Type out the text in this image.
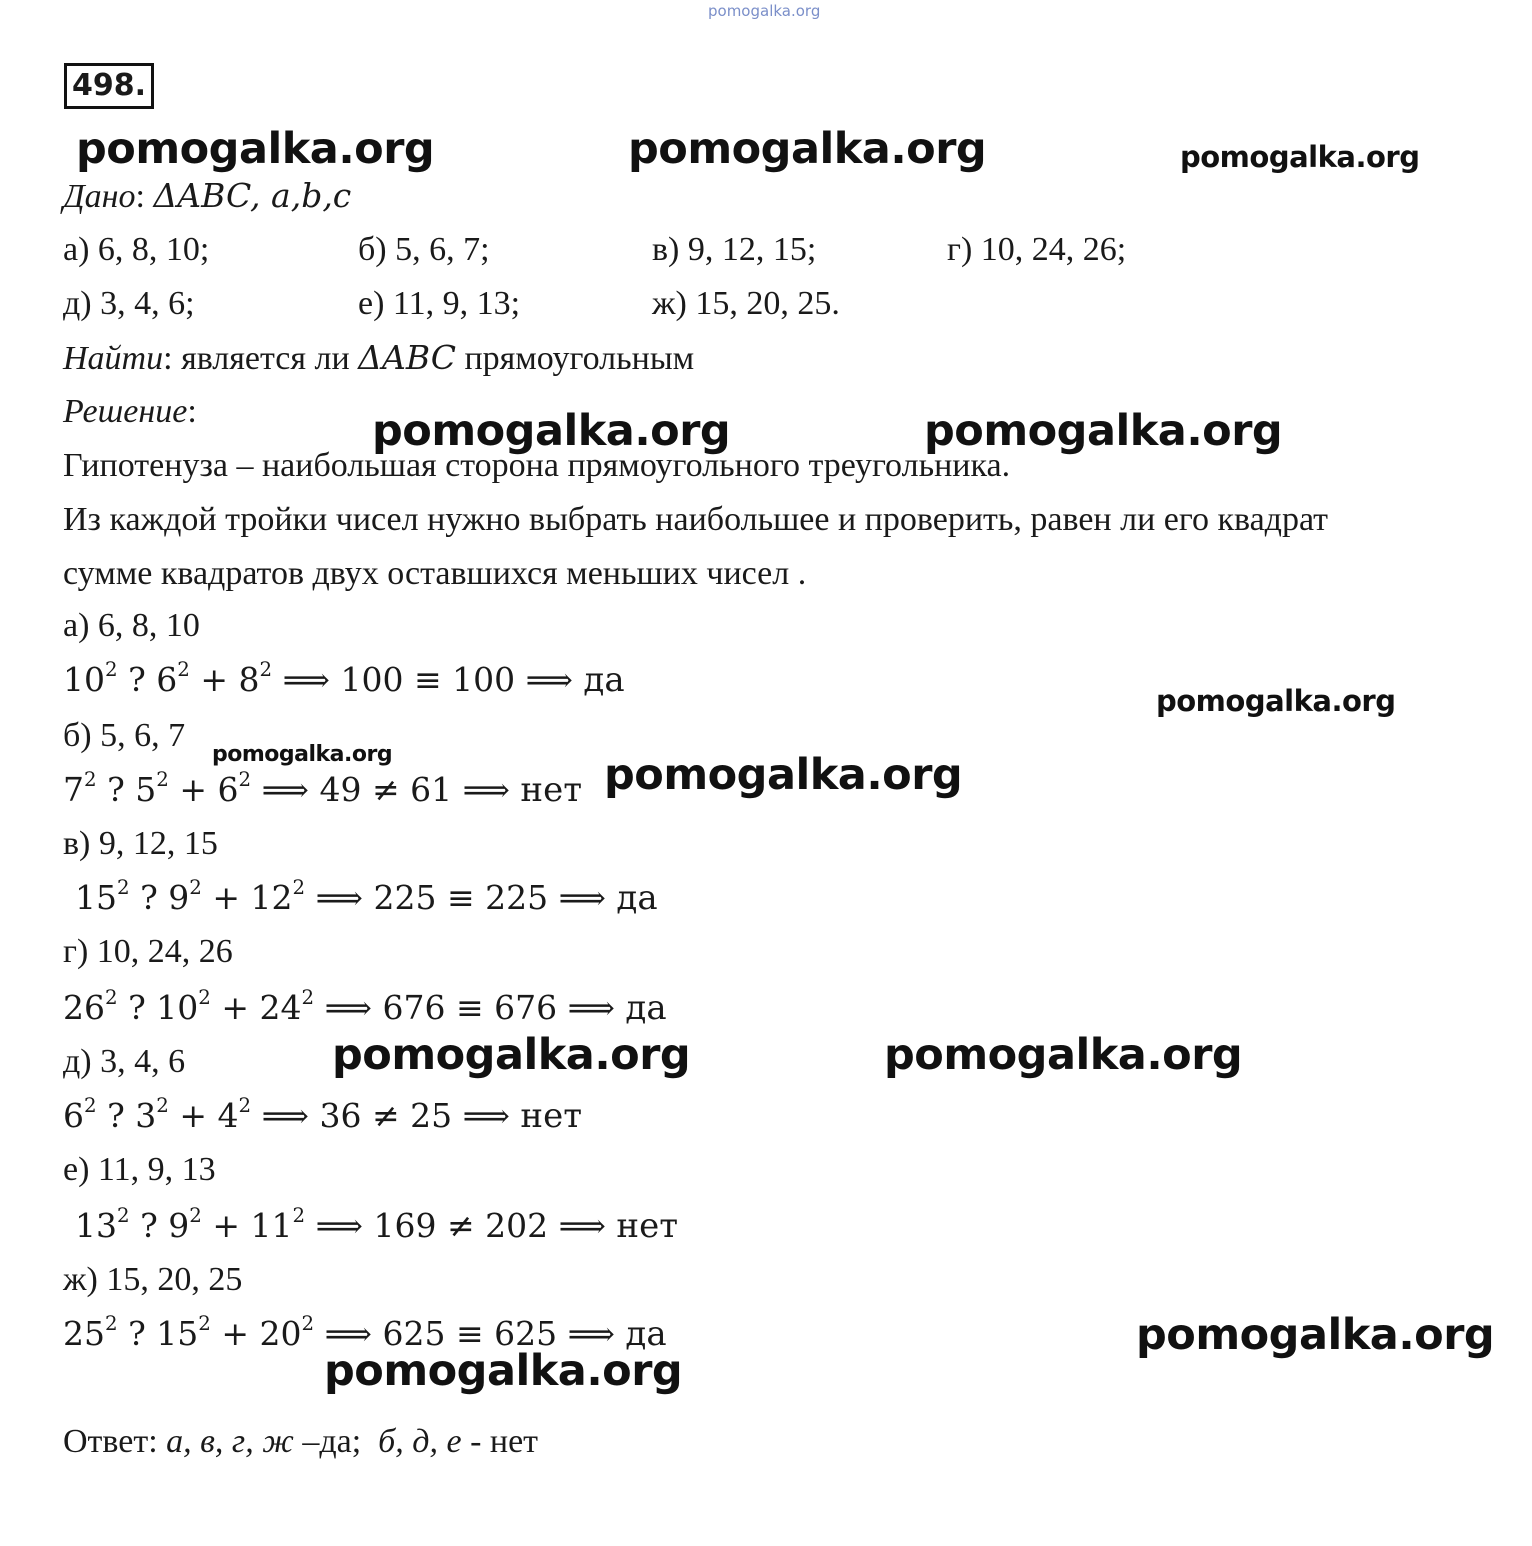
pomogalka.org
498.
pomogalka.org	pomogalka.org	pomogalka.org
Дано: ΔABC, a,b,c
а) 6, 8, 10;	б) 5, 6, 7;	в) 9, 12, 15;	г) 10, 24, 26;
д) 3, 4, 6;	е) 11, 9, 13;	ж) 15, 20, 25.
Найти: является ли ΔABC прямоугольным
Решение:	pomogalka.org	pomogalka.org
Гипотенуза – наибольшая сторона прямоугольного треугольника.
Из каждой тройки чисел нужно выбрать наибольшее и проверить, равен ли его квадрат
сумме квадратов двух оставшихся меньших чисел .
а) 6, 8, 10
$10^2$ ? $6^2 + 8^2$ ⟹ 100 ≡ 100 ⟹ да
pomogalka.org
б) 5, 6, 7
pomogalka.org
$7^2$ ? $5^2 + 6^2$ ⟹ 49 ≠ 61 ⟹ нет pomogalka.org
в) 9, 12, 15
$15^2$ ? $9^2 + 12^2$ ⟹ 225 ≡ 225 ⟹ да
г) 10, 24, 26
$26^2$ ? $10^2 + 24^2$ ⟹ 676 ≡ 676 ⟹ да
д) 3, 4, 6	pomogalka.org	pomogalka.org
$6^2$ ? $3^2 + 4^2$ ⟹ 36 ≠ 25 ⟹ нет
е) 11, 9, 13
$13^2$ ? $9^2 + 11^2$ ⟹ 169 ≠ 202 ⟹ нет
ж) 15, 20, 25
$25^2$ ? $15^2 + 20^2$ ⟹ 625 ≡ 625 ⟹ да	pomogalka.org
pomogalka.org
Ответ: а, в, г, ж –да; б, д, е - нет
